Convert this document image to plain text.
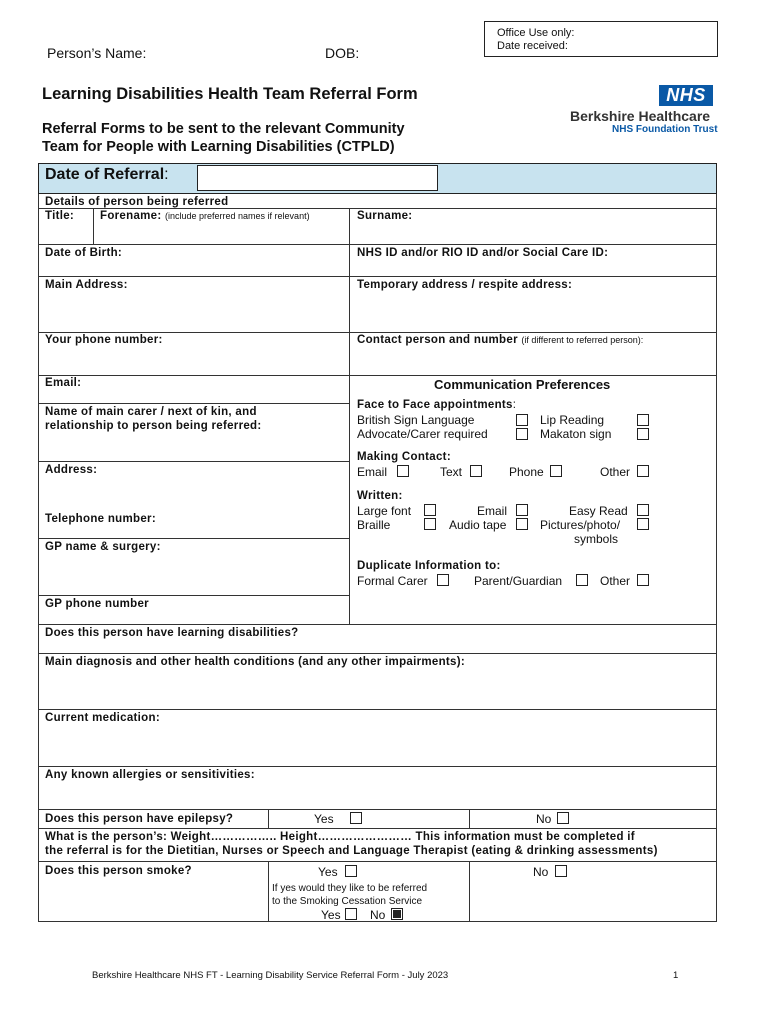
Person’s Name:	DOB:
Office Use only:
Date received:
Learning Disabilities Health Team Referral Form
Referral Forms to be sent to the relevant Community
Team for People with Learning Disabilities (CTPLD)
NHS
Berkshire Healthcare
NHS Foundation Trust
Date of Referral:
Details of person being referred
Title: Forename: (include preferred names if relevant)	Surname:
Date of Birth:	NHS ID and/or RIO ID and/or Social Care ID:
Main Address:	Temporary address / respite address:
Your phone number:	Contact person and number (if different to referred person):
Email:
Name of main carer / next of kin, and
relationship to person being referred:
Address:
Telephone number:
GP name & surgery:
GP phone number
Communication Preferences
Face to Face appointments:
British Sign Language	Lip Reading
Advocate/Carer required	Makaton sign
Making Contact:
Email	Text	Phone	Other
Written:
Large font	Email	Easy Read
Braille	Audio tape	Pictures/photo/
symbols
Duplicate Information to:
Formal Carer	Parent/Guardian	Other
Does this person have learning disabilities?
Main diagnosis and other health conditions (and any other impairments):
Current medication:
Any known allergies or sensitivities:
Does this person have epilepsy?	Yes	No
What is the person’s: Weight…………….. Height…………………… This information must be completed if
the referral is for the Dietitian, Nurses or Speech and Language Therapist (eating & drinking assessments)
Does this person smoke?	Yes	No
If yes would they like to be referred
to the Smoking Cessation Service
Yes No
Berkshire Healthcare NHS FT - Learning Disability Service Referral Form - July 2023	1
